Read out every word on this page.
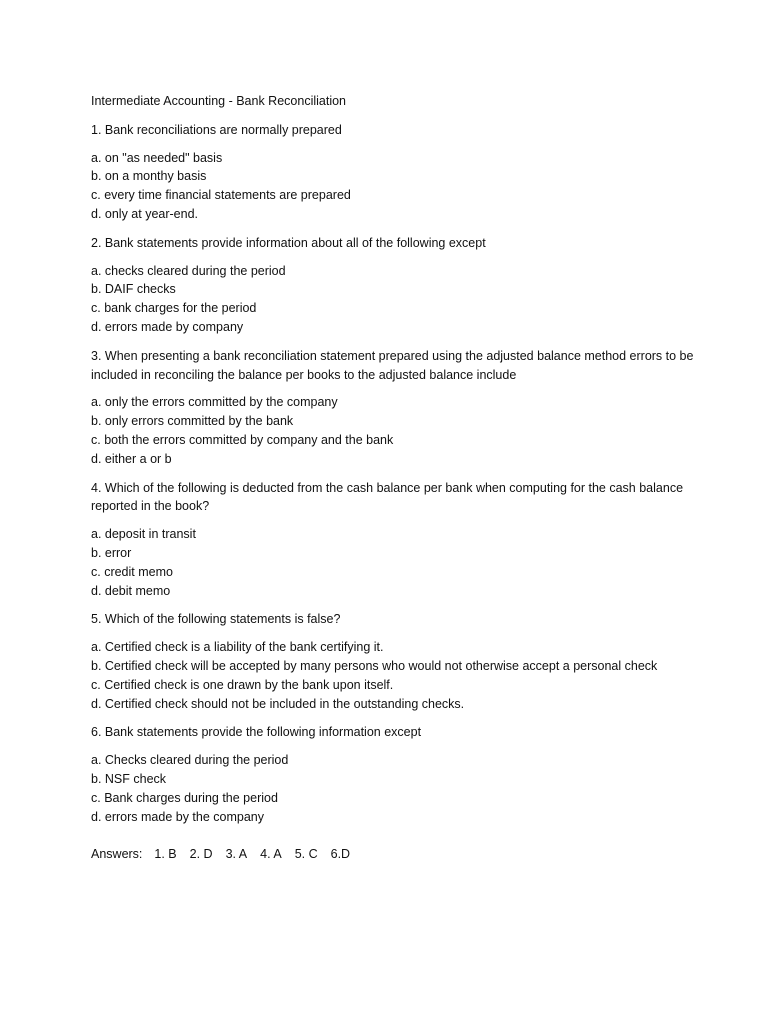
Intermediate Accounting - Bank Reconciliation
1. Bank reconciliations are normally prepared
a. on "as needed" basis
b. on a monthy basis
c. every time financial statements are prepared
d. only at year-end.
2. Bank statements provide information about all of the following except
a. checks cleared during the period
b. DAIF checks
c. bank charges for the period
d. errors made by company
3. When presenting a bank reconciliation statement prepared using the adjusted balance method errors to be included in reconciling the balance per books to the adjusted balance include
a. only the errors committed by the company
b. only errors committed by the bank
c. both the errors committed by company and the bank
d. either a or b
4. Which of the following is deducted from the cash balance per bank when computing for the cash balance reported in the book?
a. deposit in transit
b. error
c. credit memo
d. debit memo
5. Which of the following statements is false?
a. Certified check is a liability of the bank certifying it.
b. Certified check will be accepted by many persons who would not otherwise accept a personal check
c. Certified check is one drawn by the bank upon itself.
d. Certified check should not be included in the outstanding checks.
6. Bank statements provide the following information except
a. Checks cleared during the period
b. NSF check
c. Bank charges during the period
d. errors made by the company
Answers: 1. B 2. D 3. A 4. A 5. C 6.D
